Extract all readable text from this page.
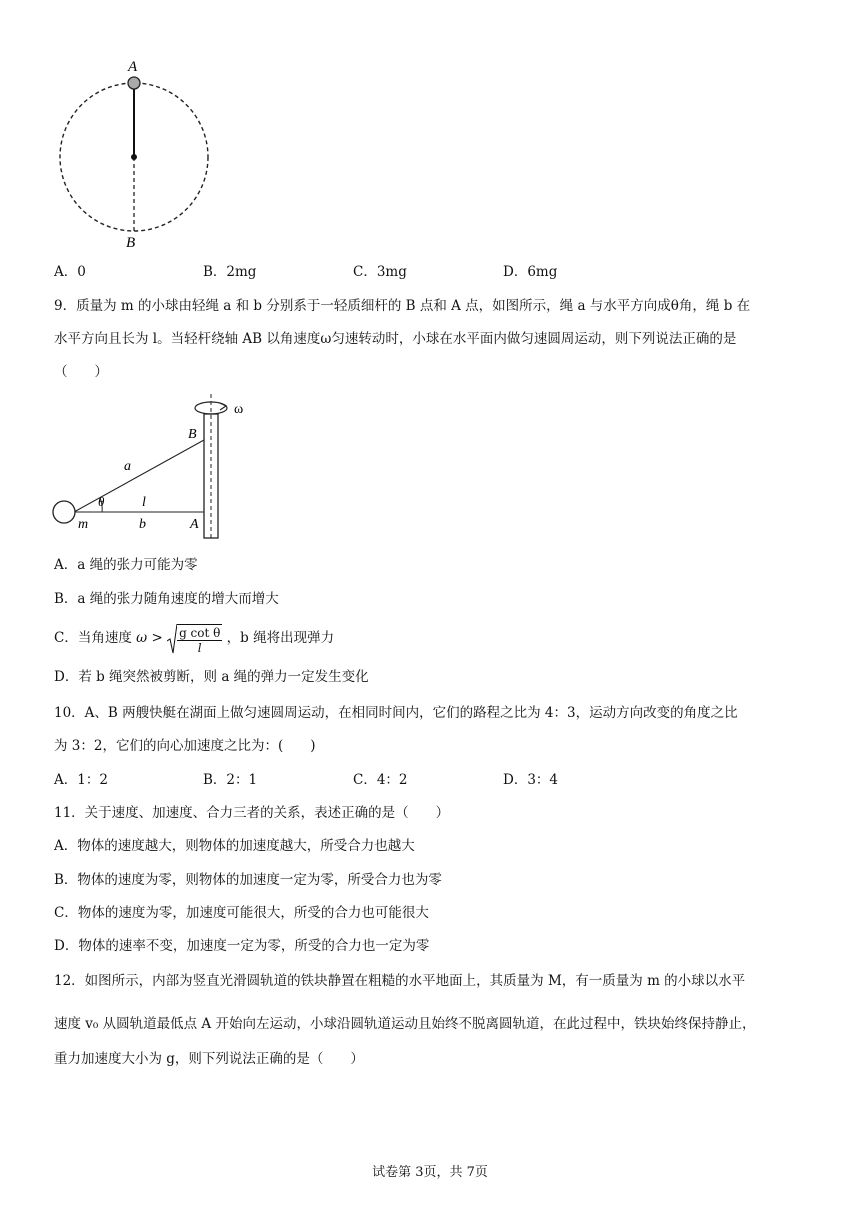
A
B
A．0	B．2mg	C．3mg	D．6mg
9．质量为 m 的小球由轻绳 a 和 b 分别系于一轻质细杆的 B 点和 A 点，如图所示，绳 a 与水平方向成θ角，绳 b 在
水平方向且长为 l。当轻杆绕轴 AB 以角速度ω匀速转动时，小球在水平面内做匀速圆周运动，则下列说法正确的是
（　　）
ω
B
a
θ	l
m	b	A
A．a 绳的张力可能为零
B．a 绳的张力随角速度的增大而增大
C．当角速度 $\omega > \frac{\text{g cot θ}}{l}$ ，b 绳将出现弹力
D．若 b 绳突然被剪断，则 a 绳的弹力一定发生变化
10．A、B 两艘快艇在湖面上做匀速圆周运动，在相同时间内，它们的路程之比为 4：3，运动方向改变的角度之比
为 3：2，它们的向心加速度之比为：(　　)
A．1：2	B．2：1	C．4：2	D．3：4
11．关于速度、加速度、合力三者的关系，表述正确的是（　　）
A．物体的速度越大，则物体的加速度越大，所受合力也越大
B．物体的速度为零，则物体的加速度一定为零，所受合力也为零
C．物体的速度为零，加速度可能很大，所受的合力也可能很大
D．物体的速率不变，加速度一定为零，所受的合力也一定为零
12．如图所示，内部为竖直光滑圆轨道的铁块静置在粗糙的水平地面上，其质量为 M，有一质量为 m 的小球以水平
速度 v₀ 从圆轨道最低点 A 开始向左运动，小球沿圆轨道运动且始终不脱离圆轨道，在此过程中，铁块始终保持静止，
重力加速度大小为 g，则下列说法正确的是（　　）
试卷第 3页，共 7页
